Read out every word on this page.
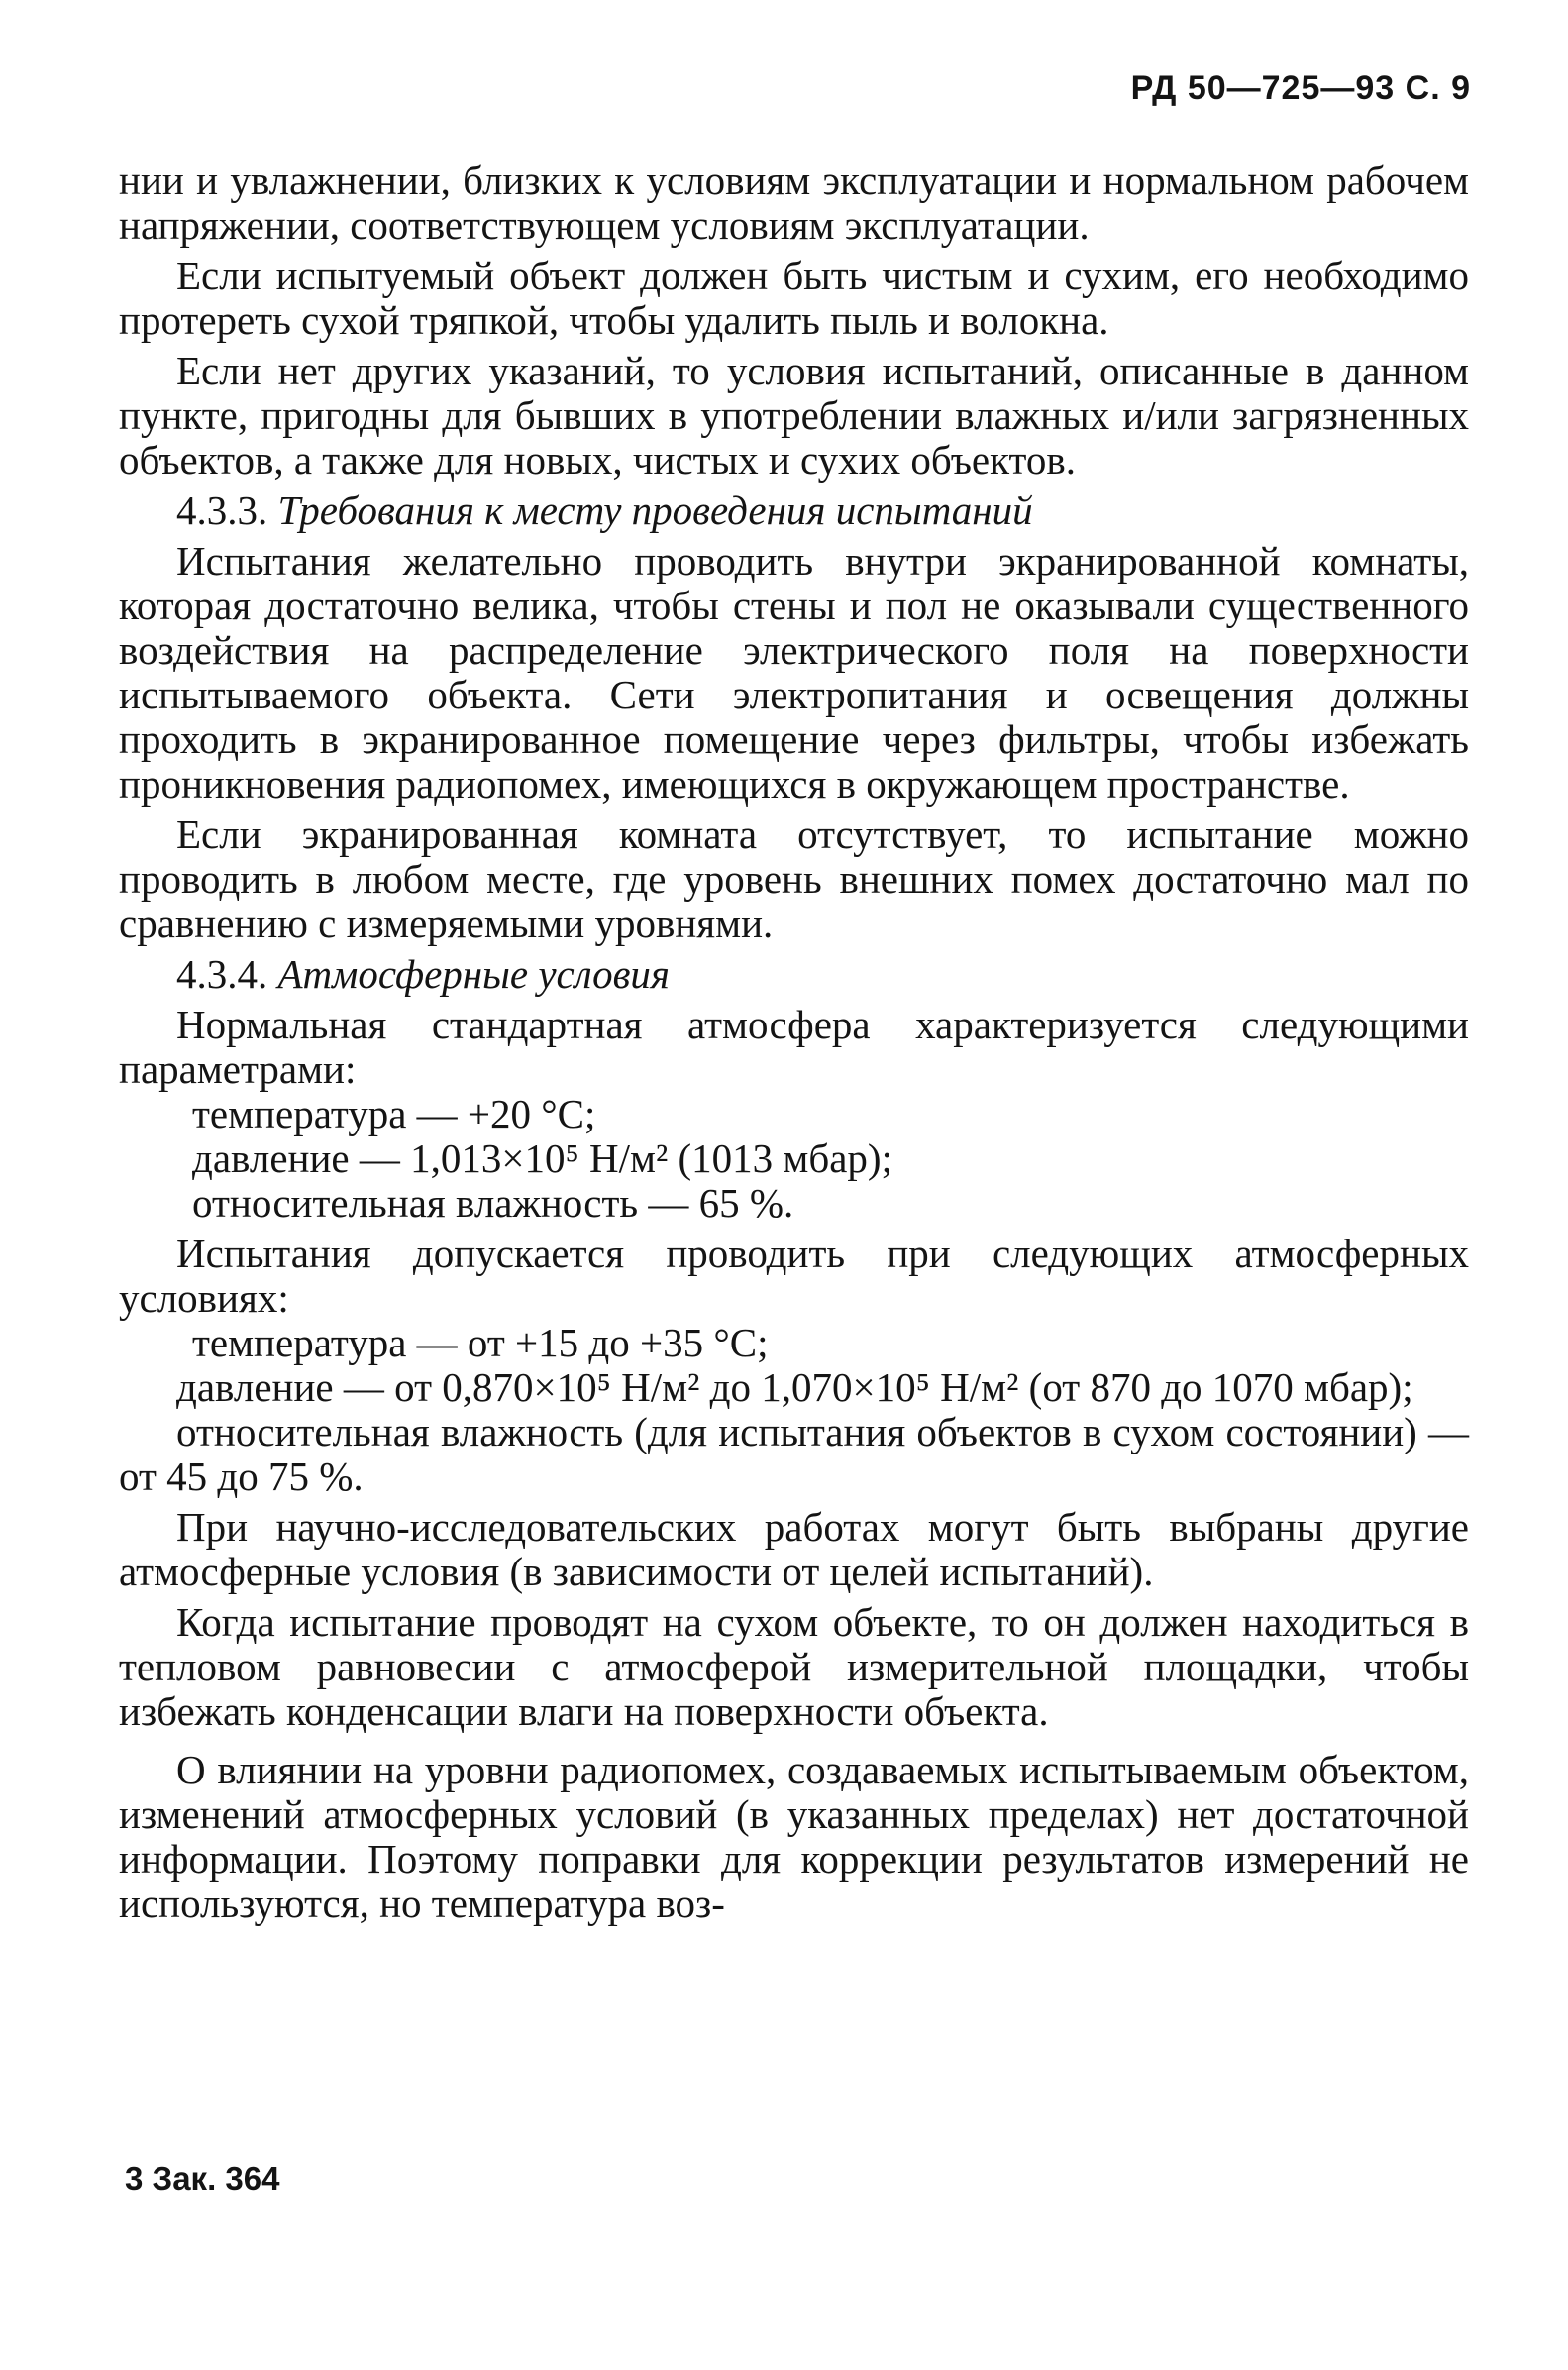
РД 50—725—93 С. 9

нии и увлажнении, близких к условиям эксплуатации и нормальном рабочем напряжении, соответствующем условиям эксплуатации.

Если испытуемый объект должен быть чистым и сухим, его необходимо протереть сухой тряпкой, чтобы удалить пыль и волокна.

Если нет других указаний, то условия испытаний, описанные в данном пункте, пригодны для бывших в употреблении влажных и/или загрязненных объектов, а также для новых, чистых и сухих объектов.

4.3.3. Требования к месту проведения испытаний

Испытания желательно проводить внутри экранированной комнаты, которая достаточно велика, чтобы стены и пол не оказывали существенного воздействия на распределение электрического поля на поверхности испытываемого объекта. Сети электропитания и освещения должны проходить в экранированное помещение через фильтры, чтобы избежать проникновения радиопомех, имеющихся в окружающем пространстве.

Если экранированная комната отсутствует, то испытание можно проводить в любом месте, где уровень внешних помех достаточно мал по сравнению с измеряемыми уровнями.

4.3.4. Атмосферные условия

Нормальная стандартная атмосфера характеризуется следующими параметрами:

температура — +20 °С;

давление — 1,013×10⁵ Н/м² (1013 мбар);

относительная влажность — 65 %.

Испытания допускается проводить при следующих атмосферных условиях:

температура — от +15 до +35 °С;

давление — от 0,870×10⁵ Н/м² до 1,070×10⁵ Н/м² (от 870 до 1070 мбар);

относительная влажность (для испытания объектов в сухом состоянии) — от 45 до 75 %.

При научно-исследовательских работах могут быть выбраны другие атмосферные условия (в зависимости от целей испытаний).

Когда испытание проводят на сухом объекте, то он должен находиться в тепловом равновесии с атмосферой измерительной площадки, чтобы избежать конденсации влаги на поверхности объекта.

О влиянии на уровни радиопомех, создаваемых испытываемым объектом, изменений атмосферных условий (в указанных пределах) нет достаточной информации. Поэтому поправки для коррекции результатов измерений не используются, но температура воз-

3 Зак. 364
